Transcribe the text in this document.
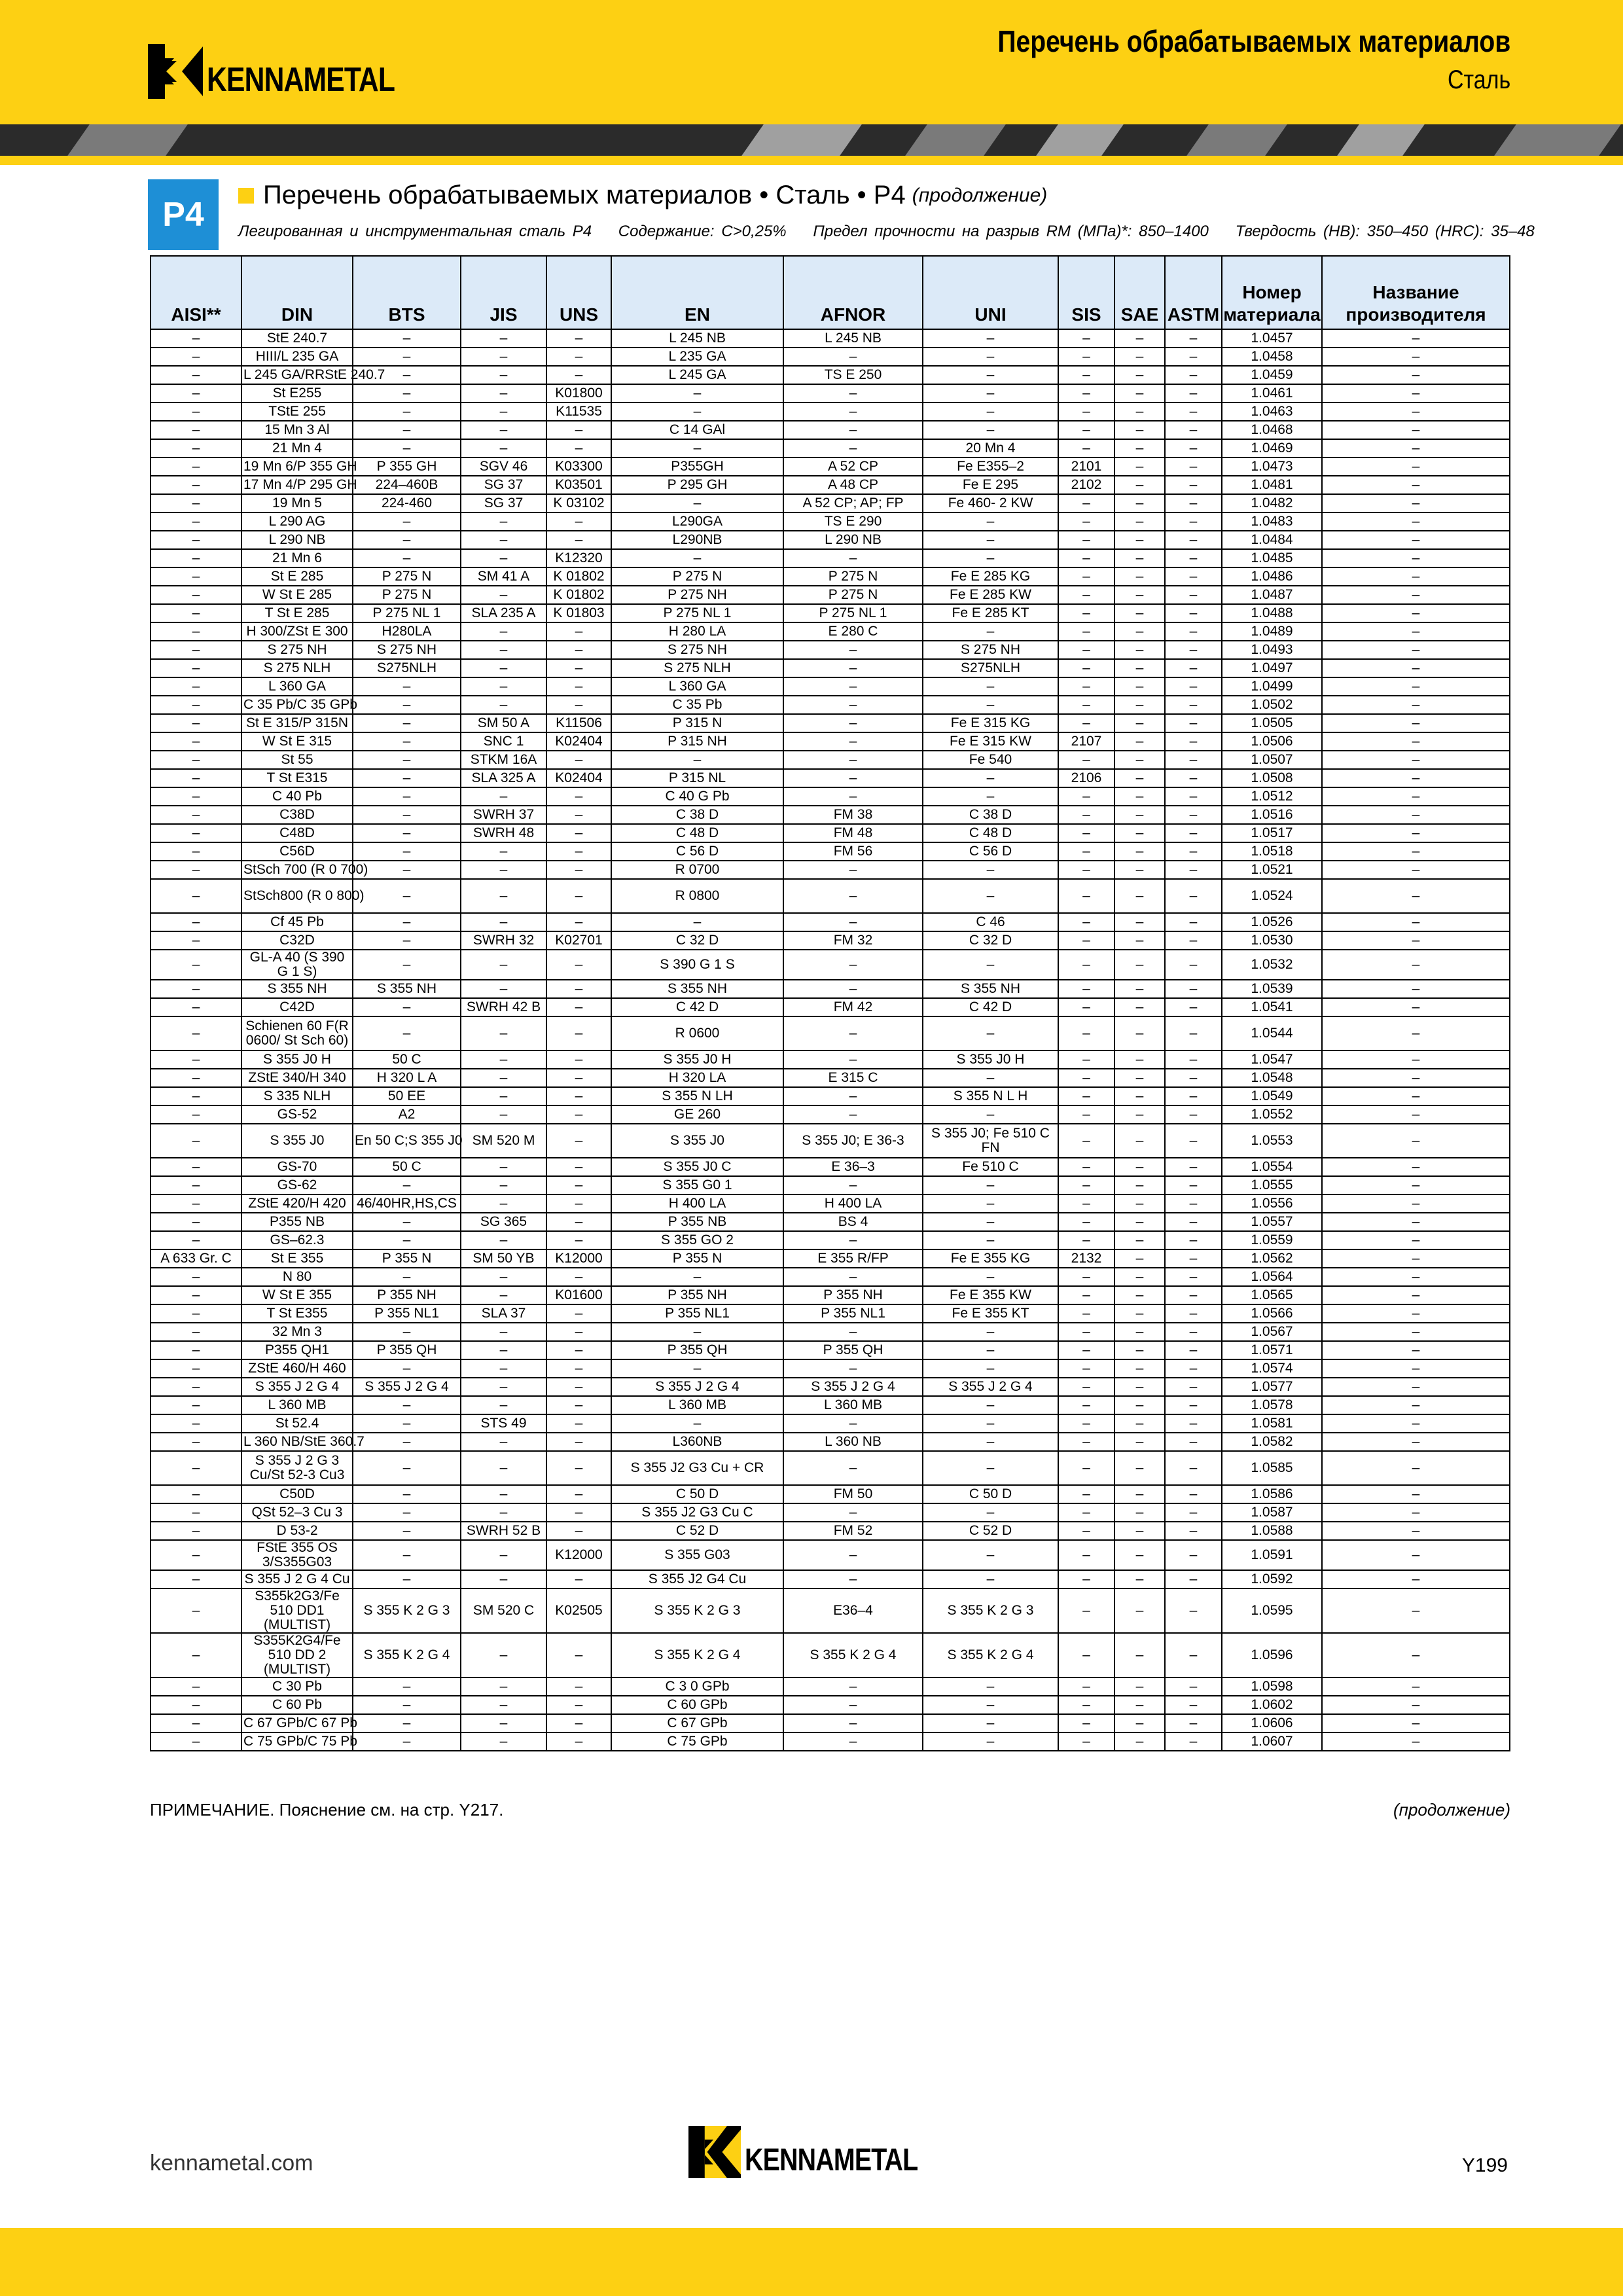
KENNAMETAL
Перечень обрабатываемых материалов
Сталь
P4
Перечень обрабатываемых материалов • Сталь • P4 (продолжение)
Легированная и инструментальная сталь P4 Содержание: C>0,25% Предел прочности на разрыв RM (МПа)*: 850–1400 Твердость (HB): 350–450 (HRC): 35–48
AISI**	DIN	BTS	JIS	UNS	EN	AFNOR	UNI	SIS	SAE	ASTM	Номер материала	Название производителя
–	StE 240.7	–	–	–	L 245 NB	L 245 NB	–	–	–	–	1.0457	–
–	HIII/L 235 GA	–	–	–	L 235 GA	–	–	–	–	–	1.0458	–
–	L 245 GA/RRStE 240.7	–	–	–	L 245 GA	TS E 250	–	–	–	–	1.0459	–
–	St E255	–	–	K01800	–	–	–	–	–	–	1.0461	–
–	TStE 255	–	–	K11535	–	–	–	–	–	–	1.0463	–
–	15 Mn 3 Al	–	–	–	C 14 GAl	–	–	–	–	–	1.0468	–
–	21 Mn 4	–	–	–	–	–	20 Mn 4	–	–	–	1.0469	–
–	19 Mn 6/P 355 GH	P 355 GH	SGV 46	K03300	P355GH	A 52 CP	Fe E355–2	2101	–	–	1.0473	–
–	17 Mn 4/P 295 GH	224–460B	SG 37	K03501	P 295 GH	A 48 CP	Fe E 295	2102	–	–	1.0481	–
–	19 Mn 5	224-460	SG 37	K 03102	–	A 52 CP; AP; FP	Fe 460- 2 KW	–	–	–	1.0482	–
–	L 290 AG	–	–	–	L290GA	TS E 290	–	–	–	–	1.0483	–
–	L 290 NB	–	–	–	L290NB	L 290 NB	–	–	–	–	1.0484	–
–	21 Mn 6	–	–	K12320	–	–	–	–	–	–	1.0485	–
–	St E 285	P 275 N	SM 41 A	K 01802	P 275 N	P 275 N	Fe E 285 KG	–	–	–	1.0486	–
–	W St E 285	P 275 N	–	K 01802	P 275 NH	P 275 N	Fe E 285 KW	–	–	–	1.0487	–
–	T St E 285	P 275 NL 1	SLA 235 A	K 01803	P 275 NL 1	P 275 NL 1	Fe E 285 KT	–	–	–	1.0488	–
–	H 300/ZSt E 300	H280LA	–	–	H 280 LA	E 280 C	–	–	–	–	1.0489	–
–	S 275 NH	S 275 NH	–	–	S 275 NH	–	S 275 NH	–	–	–	1.0493	–
–	S 275 NLH	S275NLH	–	–	S 275 NLH	–	S275NLH	–	–	–	1.0497	–
–	L 360 GA	–	–	–	L 360 GA	–	–	–	–	–	1.0499	–
–	C 35 Pb/C 35 GPb	–	–	–	C 35 Pb	–	–	–	–	–	1.0502	–
–	St E 315/P 315N	–	SM 50 A	K11506	P 315 N	–	Fe E 315 KG	–	–	–	1.0505	–
–	W St E 315	–	SNC 1	K02404	P 315 NH	–	Fe E 315 KW	2107	–	–	1.0506	–
–	St 55	–	STKM 16A	–	–	–	Fe 540	–	–	–	1.0507	–
–	T St E315	–	SLA 325 A	K02404	P 315 NL	–	–	2106	–	–	1.0508	–
–	C 40 Pb	–	–	–	C 40 G Pb	–	–	–	–	–	1.0512	–
–	C38D	–	SWRH 37	–	C 38 D	FM 38	C 38 D	–	–	–	1.0516	–
–	C48D	–	SWRH 48	–	C 48 D	FM 48	C 48 D	–	–	–	1.0517	–
–	C56D	–	–	–	C 56 D	FM 56	C 56 D	–	–	–	1.0518	–
–	StSch 700 (R 0 700)	–	–	–	R 0700	–	–	–	–	–	1.0521	–
–	StSch800 (R 0 800)	–	–	–	R 0800	–	–	–	–	–	1.0524	–
–	Cf 45 Pb	–	–	–	–	–	C 46	–	–	–	1.0526	–
–	C32D	–	SWRH 32	K02701	C 32 D	FM 32	C 32 D	–	–	–	1.0530	–
–	GL-A 40 (S 390 G 1 S)	–	–	–	S 390 G 1 S	–	–	–	–	–	1.0532	–
–	S 355 NH	S 355 NH	–	–	S 355 NH	–	S 355 NH	–	–	–	1.0539	–
–	C42D	–	SWRH 42 B	–	C 42 D	FM 42	C 42 D	–	–	–	1.0541	–
–	Schienen 60 F(R 0600/ St Sch 60)	–	–	–	R 0600	–	–	–	–	–	1.0544	–
–	S 355 J0 H	50 C	–	–	S 355 J0 H	–	S 355 J0 H	–	–	–	1.0547	–
–	ZStE 340/H 340	H 320 L A	–	–	H 320 LA	E 315 C	–	–	–	–	1.0548	–
–	S 335 NLH	50 EE	–	–	S 355 N LH	–	S 355 N L H	–	–	–	1.0549	–
–	GS-52	A2	–	–	GE 260	–	–	–	–	–	1.0552	–
–	S 355 J0	En 50 C;S 355 J0	SM 520 M	–	S 355 J0	S 355 J0; E 36-3	S 355 J0; Fe 510 C FN	–	–	–	1.0553	–
–	GS-70	50 C	–	–	S 355 J0 C	E 36–3	Fe 510 C	–	–	–	1.0554	–
–	GS-62	–	–	–	S 355 G0 1	–	–	–	–	–	1.0555	–
–	ZStE 420/H 420	46/40HR,HS,CS	–	–	H 400 LA	H 400 LA	–	–	–	–	1.0556	–
–	P355 NB	–	SG 365	–	P 355 NB	BS 4	–	–	–	–	1.0557	–
–	GS–62.3	–	–	–	S 355 GO 2	–	–	–	–	–	1.0559	–
A 633 Gr. C	St E 355	P 355 N	SM 50 YB	K12000	P 355 N	E 355 R/FP	Fe E 355 KG	2132	–	–	1.0562	–
–	N 80	–	–	–	–	–	–	–	–	–	1.0564	–
–	W St E 355	P 355 NH	–	K01600	P 355 NH	P 355 NH	Fe E 355 KW	–	–	–	1.0565	–
–	T St E355	P 355 NL1	SLA 37	–	P 355 NL1	P 355 NL1	Fe E 355 KT	–	–	–	1.0566	–
–	32 Mn 3	–	–	–	–	–	–	–	–	–	1.0567	–
–	P355 QH1	P 355 QH	–	–	P 355 QH	P 355 QH	–	–	–	–	1.0571	–
–	ZStE 460/H 460	–	–	–	–	–	–	–	–	–	1.0574	–
–	S 355 J 2 G 4	S 355 J 2 G 4	–	–	S 355 J 2 G 4	S 355 J 2 G 4	S 355 J 2 G 4	–	–	–	1.0577	–
–	L 360 MB	–	–	–	L 360 MB	L 360 MB	–	–	–	–	1.0578	–
–	St 52.4	–	STS 49	–	–	–	–	–	–	–	1.0581	–
–	L 360 NB/StE 360.7	–	–	–	L360NB	L 360 NB	–	–	–	–	1.0582	–
–	S 355 J 2 G 3 Cu/St 52-3 Cu3	–	–	–	S 355 J2 G3 Cu + CR	–	–	–	–	–	1.0585	–
–	C50D	–	–	–	C 50 D	FM 50	C 50 D	–	–	–	1.0586	–
–	QSt 52–3 Cu 3	–	–	–	S 355 J2 G3 Cu C	–	–	–	–	–	1.0587	–
–	D 53-2	–	SWRH 52 B	–	C 52 D	FM 52	C 52 D	–	–	–	1.0588	–
–	FStE 355 OS 3/S355G03	–	–	K12000	S 355 G03	–	–	–	–	–	1.0591	–
–	S 355 J 2 G 4 Cu	–	–	–	S 355 J2 G4 Cu	–	–	–	–	–	1.0592	–
–	S355k2G3/Fe 510 DD1 (MULTIST)	S 355 K 2 G 3	SM 520 C	K02505	S 355 K 2 G 3	E36–4	S 355 K 2 G 3	–	–	–	1.0595	–
–	S355K2G4/Fe 510 DD 2 (MULTIST)	S 355 K 2 G 4	–	–	S 355 K 2 G 4	S 355 K 2 G 4	S 355 K 2 G 4	–	–	–	1.0596	–
–	C 30 Pb	–	–	–	C 3 0 GPb	–	–	–	–	–	1.0598	–
–	C 60 Pb	–	–	–	C 60 GPb	–	–	–	–	–	1.0602	–
–	C 67 GPb/C 67 Pb	–	–	–	C 67 GPb	–	–	–	–	–	1.0606	–
–	C 75 GPb/C 75 Pb	–	–	–	C 75 GPb	–	–	–	–	–	1.0607	–
ПРИМЕЧАНИЕ. Пояснение см. на стр. Y217.	(продолжение)
kennametal.com	KENNAMETAL	Y199
